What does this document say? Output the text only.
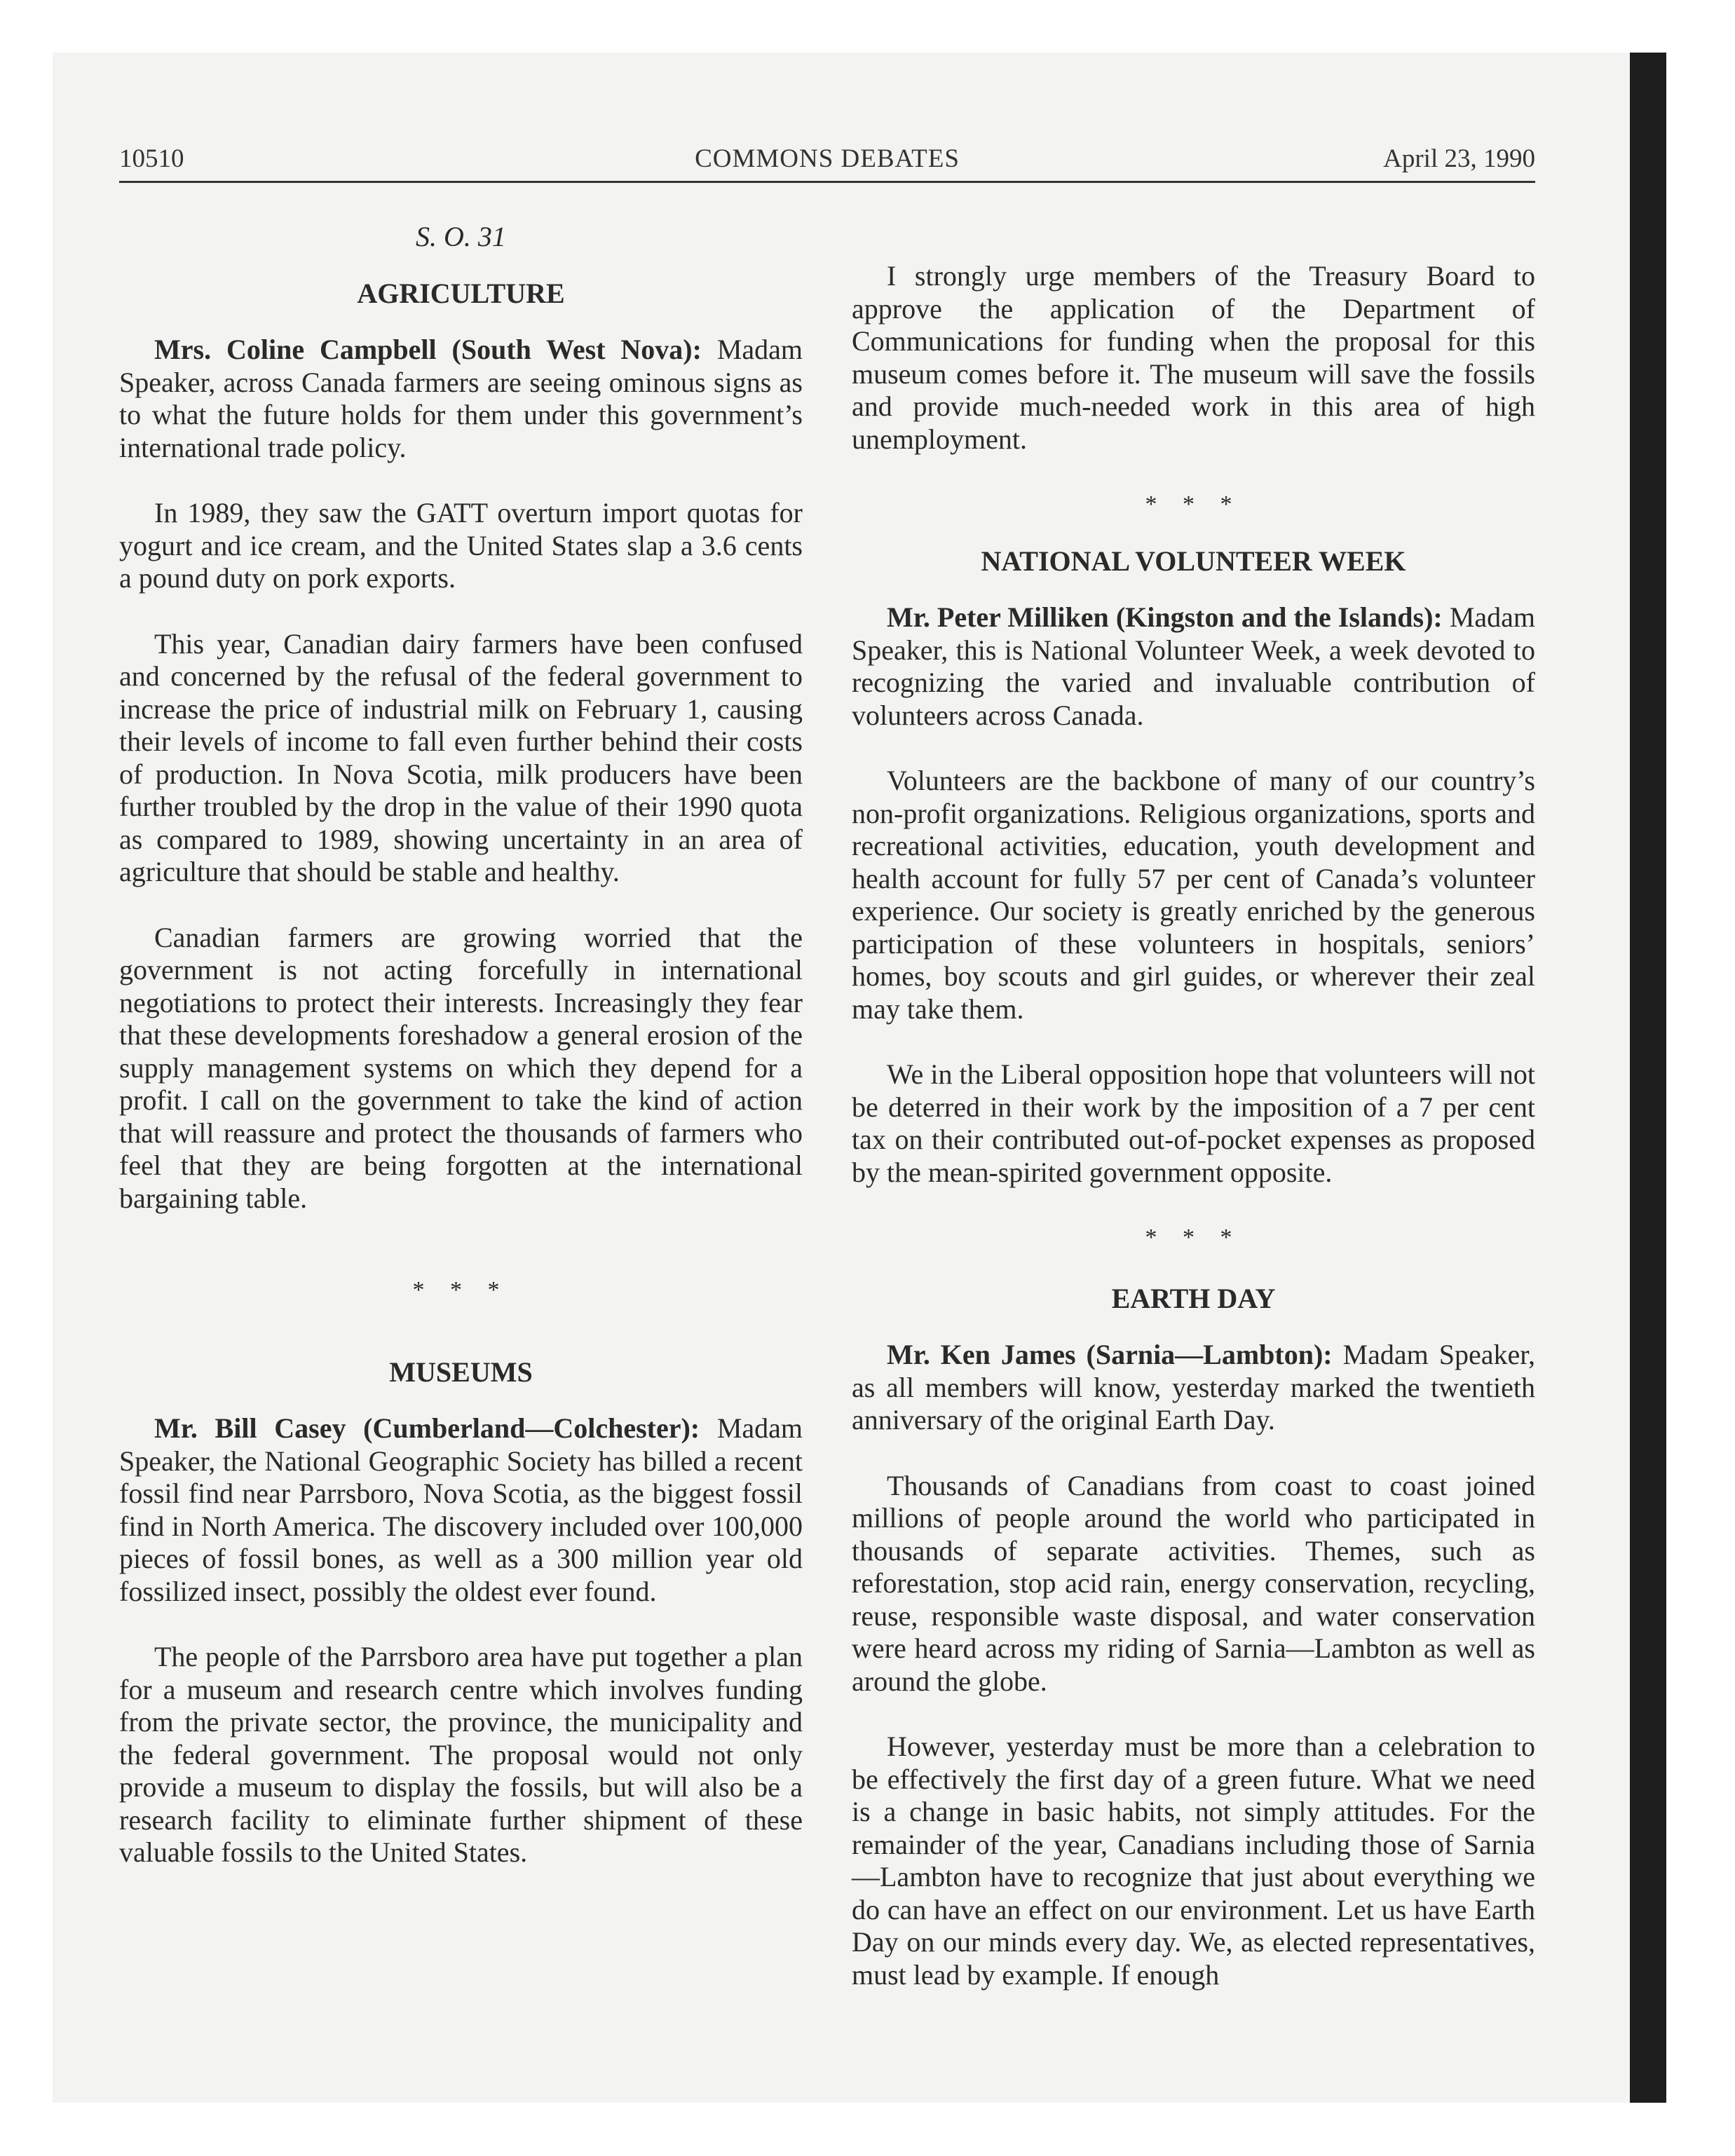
10510	COMMONS DEBATES	April 23, 1990
S. O. 31
AGRICULTURE

Mrs. Coline Campbell (South West Nova): Madam Speaker, across Canada farmers are seeing ominous signs as to what the future holds for them under this government’s international trade policy.

In 1989, they saw the GATT overturn import quotas for yogurt and ice cream, and the United States slap a 3.6 cents a pound duty on pork exports.

This year, Canadian dairy farmers have been confused and concerned by the refusal of the federal government to increase the price of industrial milk on February 1, causing their levels of income to fall even further behind their costs of production. In Nova Scotia, milk producers have been further troubled by the drop in the value of their 1990 quota as compared to 1989, showing uncertainty in an area of agriculture that should be stable and healthy.

Canadian farmers are growing worried that the government is not acting forcefully in international negotiations to protect their interests. Increasingly they fear that these developments foreshadow a general erosion of the supply management systems on which they depend for a profit. I call on the government to take the kind of action that will reassure and protect the thousands of farmers who feel that they are being forgotten at the international bargaining table.

* * *
MUSEUMS

Mr. Bill Casey (Cumberland—Colchester): Madam Speaker, the National Geographic Society has billed a recent fossil find near Parrsboro, Nova Scotia, as the biggest fossil find in North America. The discovery included over 100,000 pieces of fossil bones, as well as a 300 million year old fossilized insect, possibly the oldest ever found.

The people of the Parrsboro area have put together a plan for a museum and research centre which involves funding from the private sector, the province, the municipality and the federal government. The proposal would not only provide a museum to display the fossils, but will also be a research facility to eliminate further shipment of these valuable fossils to the United States.

I strongly urge members of the Treasury Board to approve the application of the Department of Communications for funding when the proposal for this museum comes before it. The museum will save the fossils and provide much-needed work in this area of high unemployment.

* * *
NATIONAL VOLUNTEER WEEK

Mr. Peter Milliken (Kingston and the Islands): Madam Speaker, this is National Volunteer Week, a week devoted to recognizing the varied and invaluable contribution of volunteers across Canada.

Volunteers are the backbone of many of our country’s non-profit organizations. Religious organizations, sports and recreational activities, education, youth development and health account for fully 57 per cent of Canada’s volunteer experience. Our society is greatly enriched by the generous participation of these volunteers in hospitals, seniors’ homes, boy scouts and girl guides, or wherever their zeal may take them.

We in the Liberal opposition hope that volunteers will not be deterred in their work by the imposition of a 7 per cent tax on their contributed out-of-pocket expenses as proposed by the mean-spirited government opposite.

* * *
EARTH DAY

Mr. Ken James (Sarnia—Lambton): Madam Speaker, as all members will know, yesterday marked the twentieth anniversary of the original Earth Day.

Thousands of Canadians from coast to coast joined millions of people around the world who participated in thousands of separate activities. Themes, such as reforestation, stop acid rain, energy conservation, recycling, reuse, responsible waste disposal, and water conservation were heard across my riding of Sarnia—Lambton as well as around the globe.

However, yesterday must be more than a celebration to be effectively the first day of a green future. What we need is a change in basic habits, not simply attitudes. For the remainder of the year, Canadians including those of Sarnia—Lambton have to recognize that just about everything we do can have an effect on our environment. Let us have Earth Day on our minds every day. We, as elected representatives, must lead by example. If enough
